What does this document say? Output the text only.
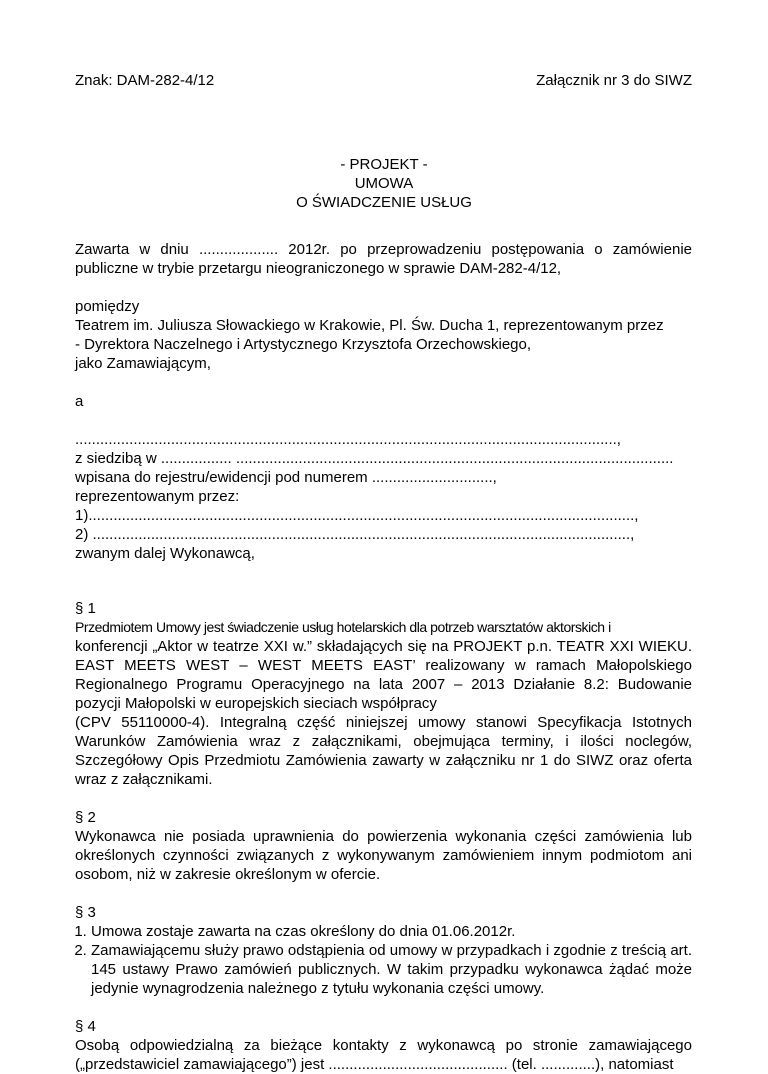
Znak: DAM-282-4/12	Załącznik nr 3 do SIWZ
- PROJEKT -
UMOWA
O ŚWIADCZENIE USŁUG

Zawarta w dniu ................... 2012r. po przeprowadzeniu postępowania o zamówienie publiczne w trybie przetargu nieograniczonego w sprawie DAM-282-4/12,

pomiędzy

Teatrem im. Juliusza Słowackiego w Krakowie, Pl. Św. Ducha 1, reprezentowanym przez

- Dyrektora Naczelnego i Artystycznego Krzysztofa Orzechowskiego,

jako Zamawiającym,

a

..................................................................................................................................,

z siedzibą w ................. .........................................................................................................

wpisana do rejestru/ewidencji pod numerem .............................,

reprezentowanym przez:

1)...................................................................................................................................,

2) .................................................................................................................................,

zwanym dalej Wykonawcą,

§ 1

Przedmiotem Umowy jest świadczenie usług hotelarskich dla potrzeb warsztatów aktorskich i

konferencji „Aktor w teatrze XXI w.” składających się na PROJEKT p.n. TEATR XXI WIEKU. EAST MEETS WEST – WEST MEETS EAST’ realizowany w ramach Małopolskiego Regionalnego Programu Operacyjnego na lata 2007 – 2013 Działanie 8.2: Budowanie pozycji Małopolski w europejskich sieciach współpracy

(CPV 55110000-4). Integralną część niniejszej umowy stanowi Specyfikacja Istotnych Warunków Zamówienia wraz z załącznikami, obejmująca terminy, i ilości noclegów, Szczegółowy Opis Przedmiotu Zamówienia zawarty w załączniku nr 1 do SIWZ oraz oferta wraz z załącznikami.

§ 2

Wykonawca nie posiada uprawnienia do powierzenia wykonania części zamówienia lub określonych czynności związanych z wykonywanym zamówieniem innym podmiotom ani osobom, niż w zakresie określonym w ofercie.

§ 3

1. Umowa zostaje zawarta na czas określony do dnia 01.06.2012r.
2. Zamawiającemu służy prawo odstąpienia od umowy w przypadkach i zgodnie z treścią art. 145 ustawy Prawo zamówień publicznych. W takim przypadku wykonawca żądać może jedynie wynagrodzenia należnego z tytułu wykonania części umowy.

§ 4

Osobą odpowiedzialną za bieżące kontakty z wykonawcą po stronie zamawiającego („przedstawiciel zamawiającego”) jest ........................................... (tel. .............), natomiast
